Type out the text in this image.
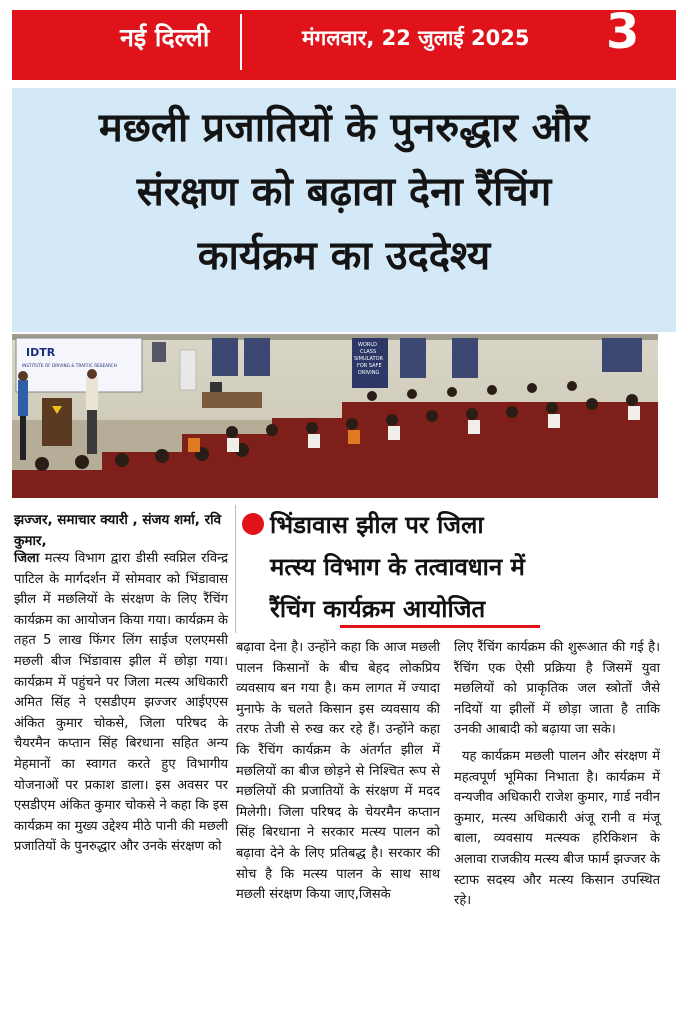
नई दिल्ली	मंगलवार, 22 जुलाई 2025 3
मछली प्रजातियों के पुनरुद्धार और
संरक्षण को बढ़ावा देना रैंचिंग
कार्यक्रम का उददेश्य
IDTR
INSTITUTE OF DRIVING & TRAFFIC RESEARCH
WORLD
CLASS
SIMULATOR
FOR SAFE
DRIVING
झज्जर, समाचार क्यारी , संजय शर्मा, रवि कुमार,
जिला मत्स्य विभाग द्वारा डीसी स्वप्निल रविन्द्र पाटिल के मार्गदर्शन में सोमवार को भिंडावास झील में मछलियों के संरक्षण के लिए रैंचिंग कार्यक्रम का आयोजन किया गया। कार्यक्रम के तहत 5 लाख फिंगर लिंग साईज एलएमसी मछली बीज भिंडावास झील में छोड़ा गया। कार्यक्रम में पहुंचने पर जिला मत्स्य अधिकारी अमित सिंह ने एसडीएम झज्जर आईएएस अंकित कुमार चोकसे, जिला परिषद के चैयरमैन कप्तान सिंह बिरधाना सहित अन्य मेहमानों का स्वागत करते हुए विभागीय योजनाओं पर प्रकाश डाला। इस अवसर पर एसडीएम अंकित कुमार चोकसे ने कहा कि इस कार्यक्रम का मुख्य उद्देश्य मीठे पानी की मछली प्रजातियों के पुनरुद्धार और उनके संरक्षण को
भिंडावास झील पर जिला
मत्स्य विभाग के तत्वावधान में
रैंचिंग कार्यक्रम आयोजित
बढ़ावा देना है। उन्होंने कहा कि आज मछली पालन किसानों के बीच बेहद लोकप्रिय व्यवसाय बन गया है। कम लागत में ज्यादा मुनाफे के चलते किसान इस व्यवसाय की तरफ तेजी से रुख कर रहे हैं। उन्होंने कहा कि रैंचिंग कार्यक्रम के अंतर्गत झील में मछलियों का बीज छोड़ने से निश्चित रूप से मछलियों की प्रजातियों के संरक्षण में मदद मिलेगी। जिला परिषद के चेयरमैन कप्तान सिंह बिरधाना ने सरकार मत्स्य पालन को बढ़ावा देने के लिए प्रतिबद्ध है। सरकार की सोच है कि मत्स्य पालन के साथ साथ मछली संरक्षण किया जाए,जिसके

लिए रैंचिंग कार्यक्रम की शुरूआत की गई है। रैंचिंग एक ऐसी प्रक्रिया है जिसमें युवा मछलियों को प्राकृतिक जल स्त्रोतों जैसे नदियों या झीलों में छोड़ा जाता है ताकि उनकी आबादी को बढ़ाया जा सके।

यह कार्यक्रम मछली पालन और संरक्षण में महत्वपूर्ण भूमिका निभाता है। कार्यक्रम में वन्यजीव अधिकारी राजेश कुमार, गार्ड नवीन कुमार, मत्स्य अधिकारी अंजू रानी व मंजू बाला, व्यवसाय मत्स्यक हरिकिशन के अलावा राजकीय मत्स्य बीज फार्म झज्जर के स्टाफ सदस्य और मत्स्य किसान उपस्थित रहे।
